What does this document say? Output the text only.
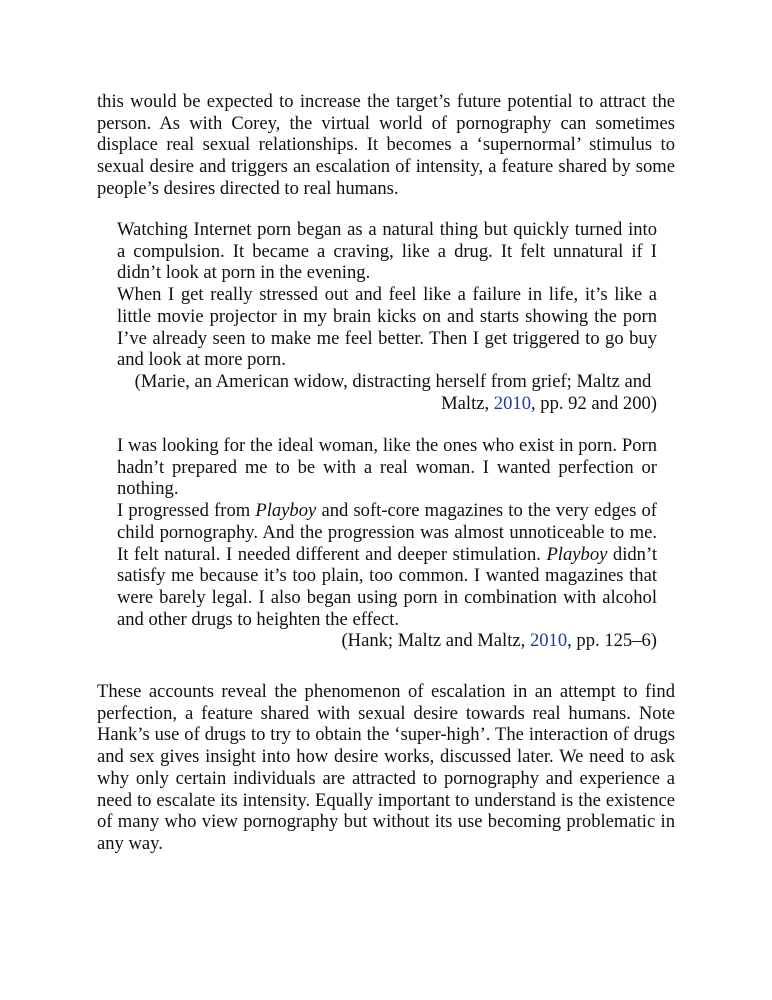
this would be expected to increase the target’s future potential to attract the person. As with Corey, the virtual world of pornography can sometimes displace real sexual relationships. It becomes a ‘supernormal’ stimulus to sexual desire and triggers an escalation of intensity, a feature shared by some people’s desires directed to real humans.

Watching Internet porn began as a natural thing but quickly turned into a compulsion. It became a craving, like a drug. It felt unnatural if I didn’t look at porn in the evening.

When I get really stressed out and feel like a failure in life, it’s like a little movie projector in my brain kicks on and starts showing the porn I’ve already seen to make me feel better. Then I get triggered to go buy and look at more porn.

(Marie, an American widow, distracting herself from grief; Maltz and

Maltz, 2010, pp. 92 and 200)

I was looking for the ideal woman, like the ones who exist in porn. Porn hadn’t prepared me to be with a real woman. I wanted perfection or nothing.

I progressed from Playboy and soft-core magazines to the very edges of child pornography. And the progression was almost unnoticeable to me. It felt natural. I needed different and deeper stimulation. Playboy didn’t satisfy me because it’s too plain, too common. I wanted magazines that were barely legal. I also began using porn in combination with alcohol and other drugs to heighten the effect.

(Hank; Maltz and Maltz, 2010, pp. 125–6)

These accounts reveal the phenomenon of escalation in an attempt to find perfection, a feature shared with sexual desire towards real humans. Note Hank’s use of drugs to try to obtain the ‘super-high’. The interaction of drugs and sex gives insight into how desire works, discussed later. We need to ask why only certain individuals are attracted to pornography and experience a need to escalate its intensity. Equally important to understand is the existence of many who view pornography but without its use becoming problematic in any way.
